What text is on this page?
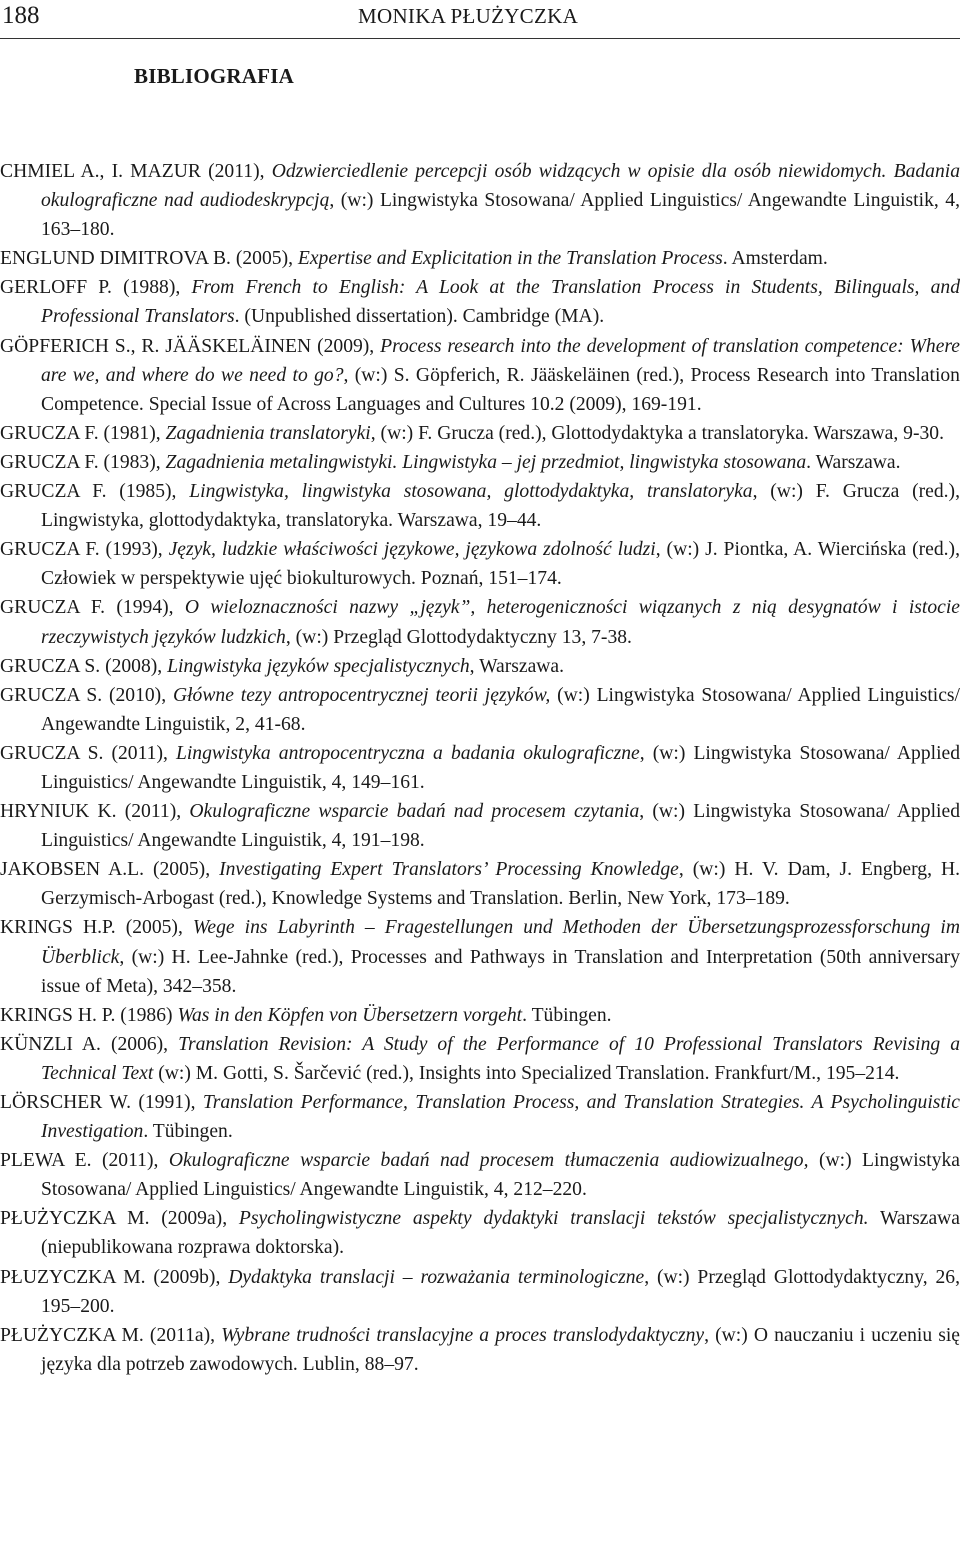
188	MONIKA PŁUŻYCZKA
BIBLIOGRAFIA

CHMIEL A., I. MAZUR (2011), Odzwierciedlenie percepcji osób widzących w opisie dla osób niewidomych. Badania okulograficzne nad audiodeskrypcją, (w:) Lingwistyka Stosowana/ Applied Linguistics/ Angewandte Linguistik, 4, 163–180.

ENGLUND DIMITROVA B. (2005), Expertise and Explicitation in the Translation Process. Amsterdam.

GERLOFF P. (1988), From French to English: A Look at the Translation Process in Students, Bilinguals, and Professional Translators. (Unpublished dissertation). Cambridge (MA).

GÖPFERICH S., R. JÄÄSKELÄINEN (2009), Process research into the development of translation competence: Where are we, and where do we need to go?, (w:) S. Göpferich, R. Jääskeläinen (red.), Process Research into Translation Competence. Special Issue of Across Languages and Cultures 10.2 (2009), 169-191.

GRUCZA F. (1981), Zagadnienia translatoryki, (w:) F. Grucza (red.), Glottodydaktyka a translatoryka. Warszawa, 9-30.

GRUCZA F. (1983), Zagadnienia metalingwistyki. Lingwistyka – jej przedmiot, lingwistyka stosowana. Warszawa.

GRUCZA F. (1985), Lingwistyka, lingwistyka stosowana, glottodydaktyka, translatoryka, (w:) F. Grucza (red.), Lingwistyka, glottodydaktyka, translatoryka. Warszawa, 19–44.

GRUCZA F. (1993), Język, ludzkie właściwości językowe, językowa zdolność ludzi, (w:) J. Piontka, A. Wiercińska (red.), Człowiek w perspektywie ujęć biokulturowych. Poznań, 151–174.

GRUCZA F. (1994), O wieloznaczności nazwy „język”, heterogeniczności wiązanych z nią desygnatów i istocie rzeczywistych języków ludzkich, (w:) Przegląd Glottodydaktyczny 13, 7-38.

GRUCZA S. (2008), Lingwistyka języków specjalistycznych, Warszawa.

GRUCZA S. (2010), Główne tezy antropocentrycznej teorii języków, (w:) Lingwistyka Stosowana/ Applied Linguistics/ Angewandte Linguistik, 2, 41-68.

GRUCZA S. (2011), Lingwistyka antropocentryczna a badania okulograficzne, (w:) Lingwistyka Stosowana/ Applied Linguistics/ Angewandte Linguistik, 4, 149–161.

HRYNIUK K. (2011), Okulograficzne wsparcie badań nad procesem czytania, (w:) Lingwistyka Stosowana/ Applied Linguistics/ Angewandte Linguistik, 4, 191–198.

JAKOBSEN A.L. (2005), Investigating Expert Translators’ Processing Knowledge, (w:) H. V. Dam, J. Engberg, H. Gerzymisch-Arbogast (red.), Knowledge Systems and Translation. Berlin, New York, 173–189.

KRINGS H.P. (2005), Wege ins Labyrinth – Fragestellungen und Methoden der Übersetzungsprozessforschung im Überblick, (w:) H. Lee-Jahnke (red.), Processes and Pathways in Translation and Interpretation (50th anniversary issue of Meta), 342–358.

KRINGS H. P. (1986) Was in den Köpfen von Übersetzern vorgeht. Tübingen.

KÜNZLI A. (2006), Translation Revision: A Study of the Performance of 10 Professional Translators Revising a Technical Text (w:) M. Gotti, S. Šarčević (red.), Insights into Specialized Translation. Frankfurt/M., 195–214.

LÖRSCHER W. (1991), Translation Performance, Translation Process, and Translation Strategies. A Psycholinguistic Investigation. Tübingen.

PLEWA E. (2011), Okulograficzne wsparcie badań nad procesem tłumaczenia audiowizualnego, (w:) Lingwistyka Stosowana/ Applied Linguistics/ Angewandte Linguistik, 4, 212–220.

PŁUŻYCZKA M. (2009a), Psycholingwistyczne aspekty dydaktyki translacji tekstów specjalistycznych. Warszawa (niepublikowana rozprawa doktorska).

PŁUZYCZKA M. (2009b), Dydaktyka translacji – rozważania terminologiczne, (w:) Przegląd Glottodydaktyczny, 26, 195–200.

PŁUŻYCZKA M. (2011a), Wybrane trudności translacyjne a proces translodydaktyczny, (w:) O nauczaniu i uczeniu się języka dla potrzeb zawodowych. Lublin, 88–97.
